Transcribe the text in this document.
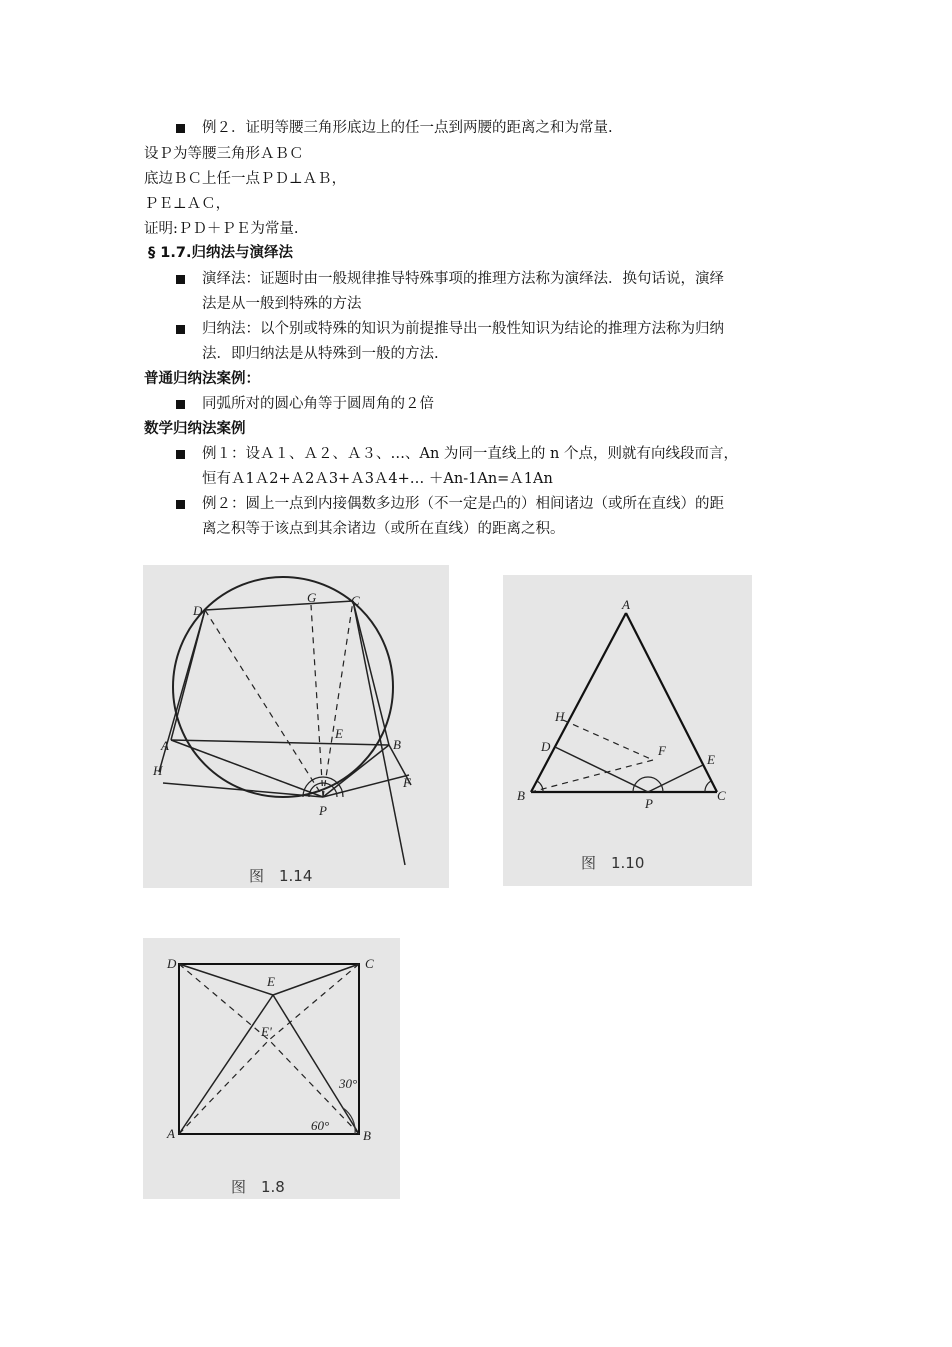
例２．证明等腰三角形底边上的任一点到两腰的距离之和为常量.
设Ｐ为等腰三角形ＡＢＣ
底边ＢＣ上任一点ＰＤ⊥ＡＢ，
ＰＥ⊥ＡＣ，
证明:ＰＤ＋ＰＥ为常量.
§ 1.7.归纳法与演绎法
演绎法：证题时由一般规律推导特殊事项的推理方法称为演绎法．换句话说，演绎
法是从一般到特殊的方法
归纳法：以个别或特殊的知识为前提推导出一般性知识为结论的推理方法称为归纳
法．即归纳法是从特殊到一般的方法.
普通归纳法案例：
同弧所对的圆心角等于圆周角的２倍
数学归纳法案例
例１：设Ａ１、Ａ２、Ａ３、…、An 为同一直线上的 n 个点，则就有向线段而言，
恒有Ａ1Ａ2+Ａ2Ａ3+Ａ3Ａ4+… ＋An-1An=Ａ1An
例２：圆上一点到内接偶数多边形（不一定是凸的）相间诸边（或所在直线）的距
离之积等于该点到其余诸边（或所在直线）的距离之积。
D
G	C
A
E
B
H
F
P
图　1.14
A
H
D	F
E
B
P
C
图　1.10
D	C
E
E'
A	B
30°
60°
图　1.8
